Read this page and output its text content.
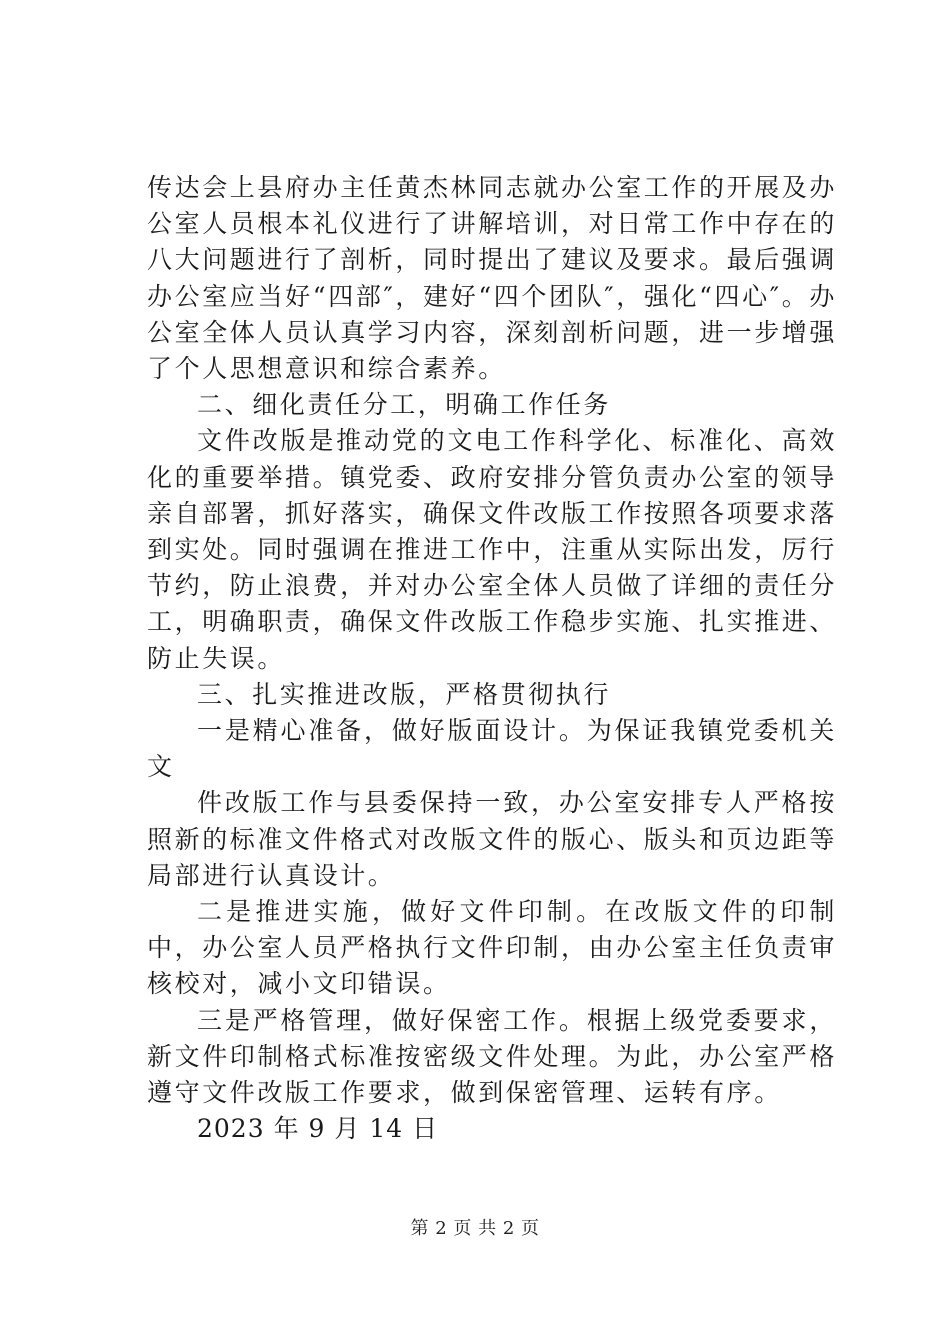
传达会上县府办主任黄杰林同志就办公室工作的开展及办公室人员根本礼仪进行了讲解培训，对日常工作中存在的八大问题进行了剖析，同时提出了建议及要求。最后强调办公室应当好“四部″，建好“四个团队″，强化“四心″。办公室全体人员认真学习内容，深刻剖析问题，进一步增强了个人思想意识和综合素养。

二、细化责任分工，明确工作任务

文件改版是推动党的文电工作科学化、标准化、高效化的重要举措。镇党委、政府安排分管负责办公室的领导亲自部署，抓好落实，确保文件改版工作按照各项要求落到实处。同时强调在推进工作中，注重从实际出发，厉行节约，防止浪费，并对办公室全体人员做了详细的责任分工，明确职责，确保文件改版工作稳步实施、扎实推进、防止失误。

三、扎实推进改版，严格贯彻执行

一是精心准备，做好版面设计。为保证我镇党委机关文

件改版工作与县委保持一致，办公室安排专人严格按照新的标准文件格式对改版文件的版心、版头和页边距等局部进行认真设计。

二是推进实施，做好文件印制。在改版文件的印制中，办公室人员严格执行文件印制，由办公室主任负责审核校对，减小文印错误。

三是严格管理，做好保密工作。根据上级党委要求，新文件印制格式标准按密级文件处理。为此，办公室严格遵守文件改版工作要求，做到保密管理、运转有序。

2023 年 9 月 14 日

第 2 页 共 2 页
